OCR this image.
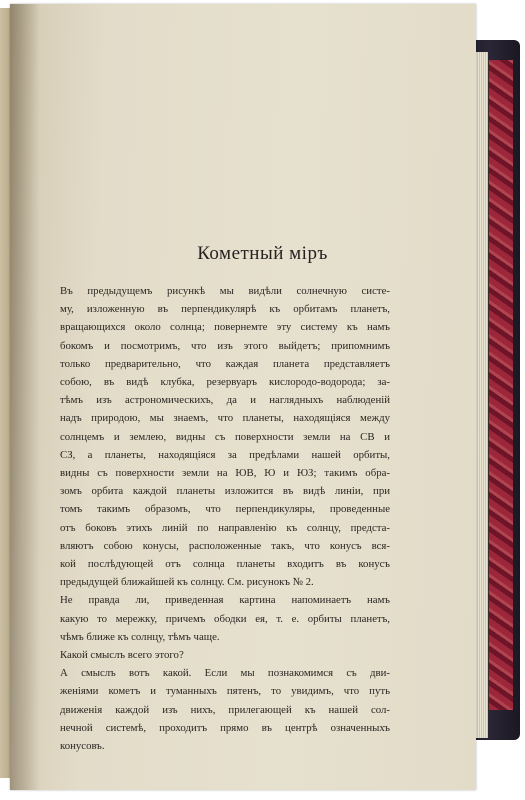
Кометный міръ
Въ предыдущемъ рисункѣ мы видѣли солнечную систе-
му, изложенную въ перпендикулярѣ къ орбитамъ планетъ,
вращающихся около солнца; повернемте эту систему къ намъ
бокомъ и посмотримъ, что изъ этого выйдетъ; припомнимъ
только предварительно, что каждая планета представляетъ
собою, въ видѣ клубка, резервуаръ кислородо-водорода; за-
тѣмъ изъ астрономическихъ, да и наглядныхъ наблюденій
надъ природою, мы знаемъ, что планеты, находящіяся между
солнцемъ и землею, видны съ поверхности земли на СВ и
СЗ, а планеты, находящіяся за предѣлами нашей орбиты,
видны съ поверхности земли на ЮВ, Ю и ЮЗ; такимъ обра-
зомъ орбита каждой планеты изложится въ видѣ линіи, при
томъ такимъ образомъ, что перпендикуляры, проведенные
отъ боковъ этихъ линій по направленію къ солнцу, предста-
вляютъ собою конусы, расположенные такъ, что конусъ вся-
кой послѣдующей отъ солнца планеты входитъ въ конусъ
предыдущей ближайшей къ солнцу. См. рисунокъ № 2.
Не правда ли, приведенная картина напоминаетъ намъ
какую то мережку, причемъ ободки ея, т. е. орбиты планетъ,
чѣмъ ближе къ солнцу, тѣмъ чаще.
Какой смыслъ всего этого?
А смыслъ вотъ какой. Если мы познакомимся съ дви-
женіями кометъ и туманныхъ пятенъ, то увидимъ, что путь
движенія каждой изъ нихъ, прилегающей къ нашей сол-
нечной системѣ, проходитъ прямо въ центрѣ означенныхъ
конусовъ.
